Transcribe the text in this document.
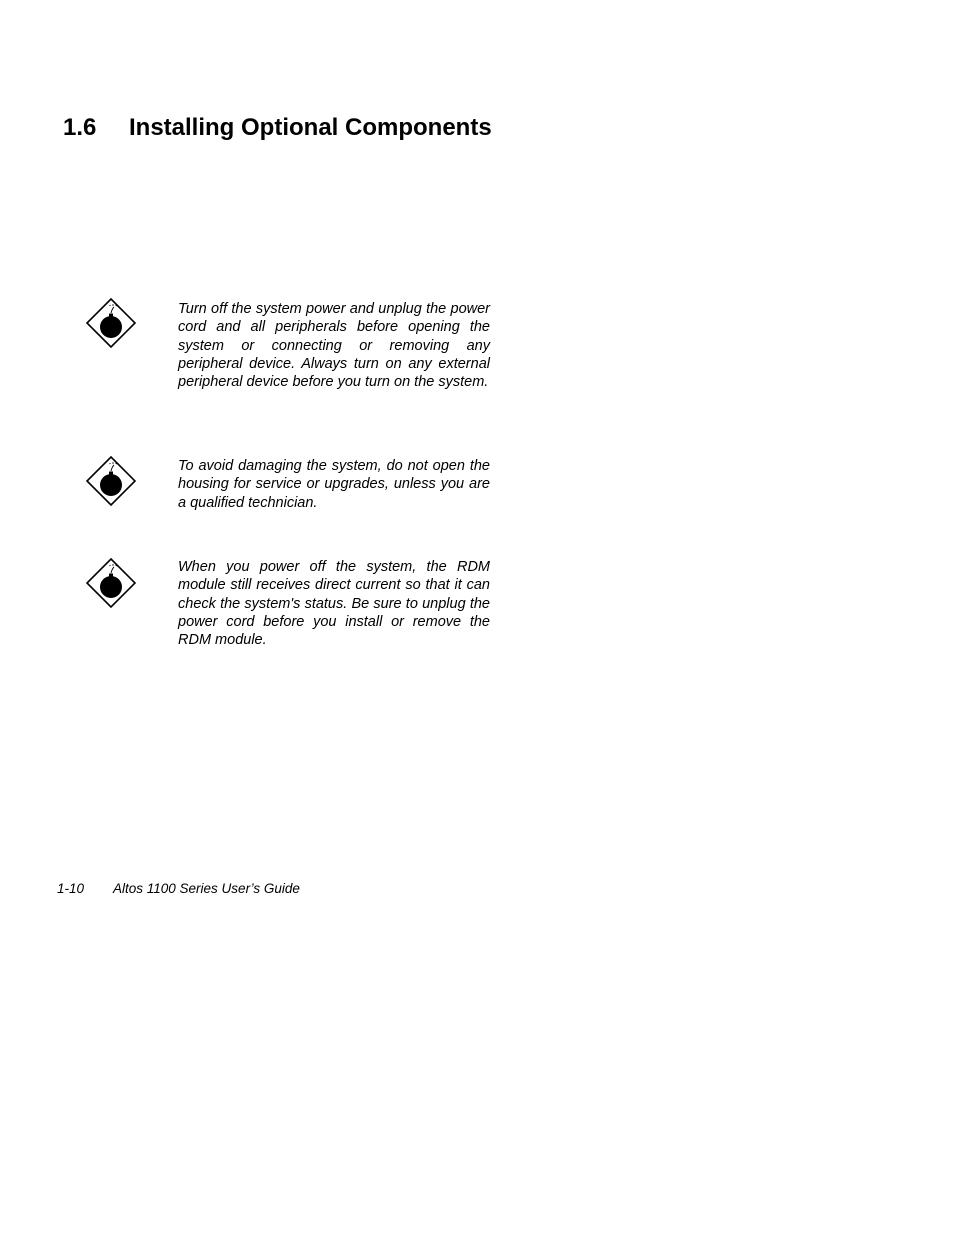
1.6 Installing Optional Components

Turn off the system power and unplug the power cord and all peripherals before opening the system or connecting or removing any peripheral device. Always turn on any external peripheral device before you turn on the system.

To avoid damaging the system, do not open the housing for service or upgrades, unless you are a qualified technician.

When you power off the system, the RDM module still receives direct current so that it can check the system's status. Be sure to unplug the power cord before you install or remove the RDM module.

1-10 Altos 1100 Series User’s Guide
